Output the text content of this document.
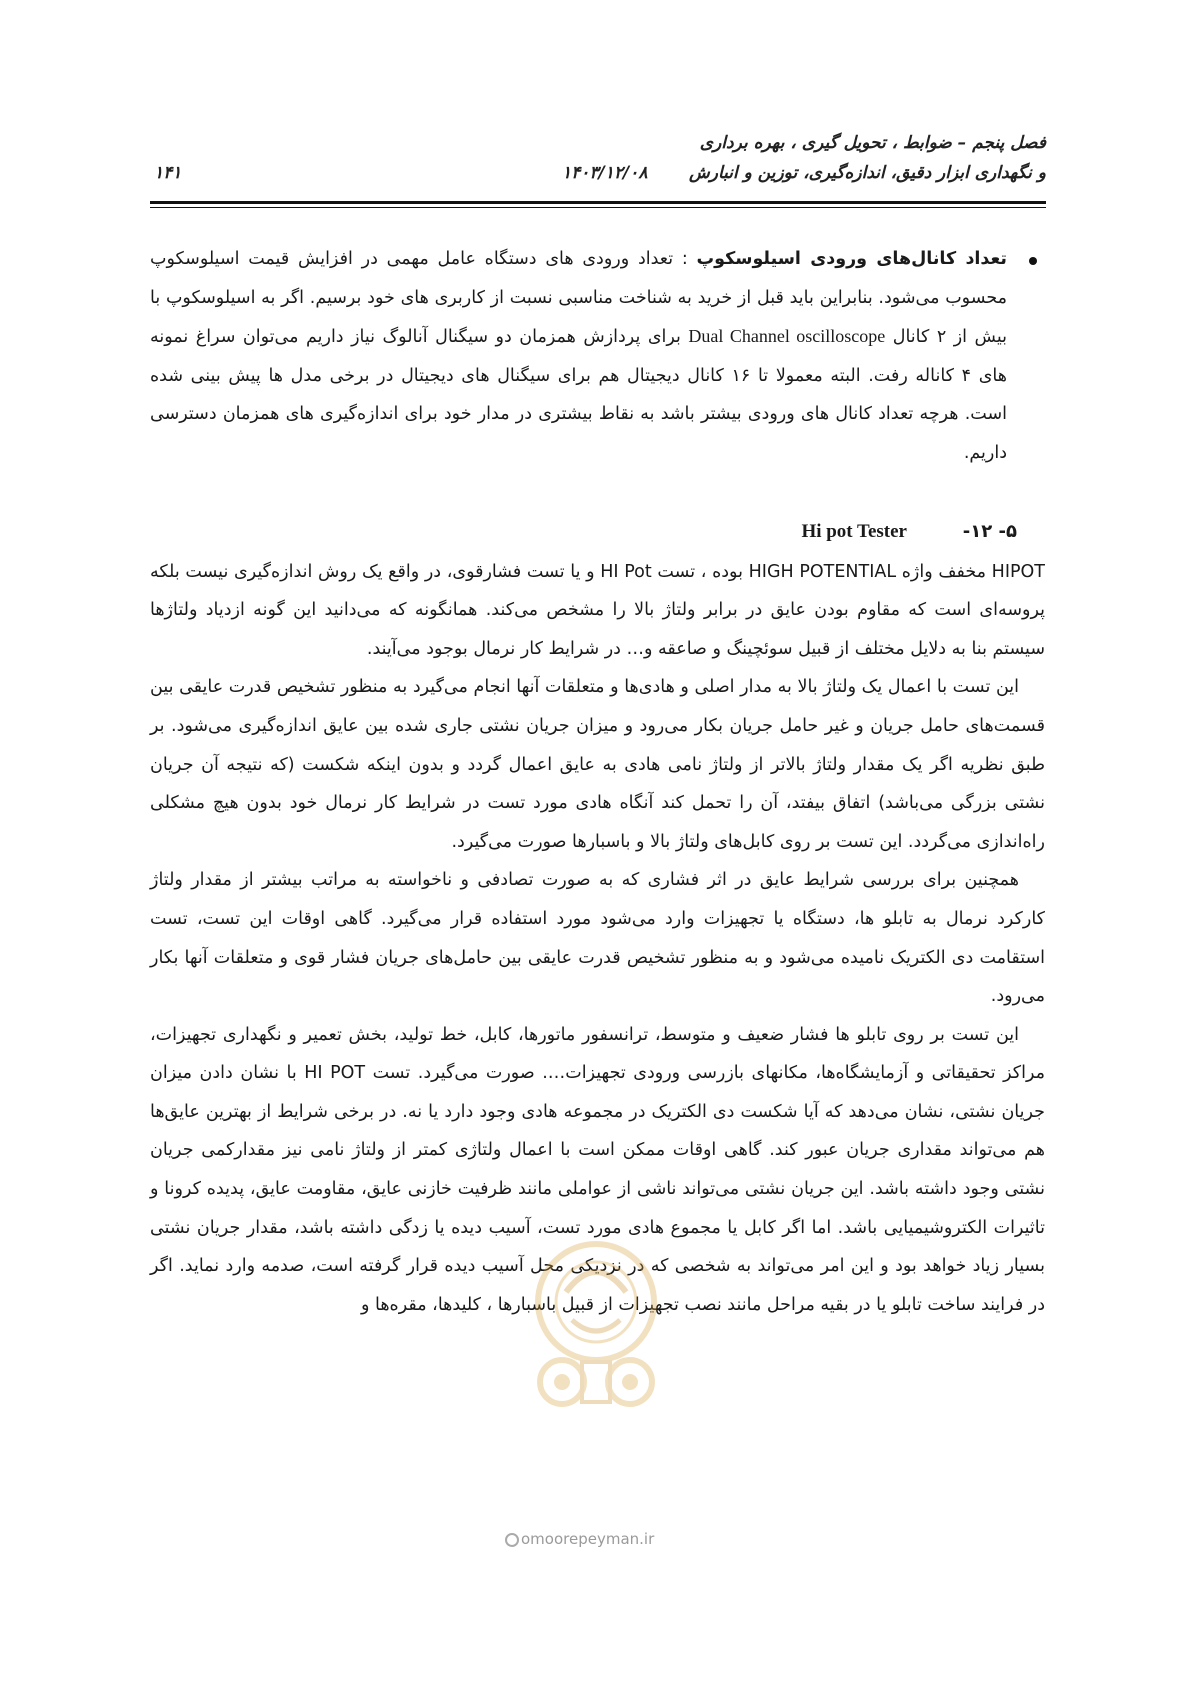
فصل پنجم – ضوابط ، تحویل گیری ، بهره برداری
و نگهداری ابزار دقیق، اندازه‌گیری، توزین و انبارش
۱۴۰۳/۱۲/۰۸
۱۴۱

تعداد کانال‌های ورودی اسیلوسکوپ : تعداد ورودی های دستگاه عامل مهمی در افزایش قیمت اسیلوسکوپ محسوب می‌شود. بنابراین باید قبل از خرید به شناخت مناسبی نسبت از کاربری های خود برسیم. اگر به اسیلوسکوپ با بیش از ۲ کانال Dual Channel oscilloscope برای پردازش همزمان دو سیگنال آنالوگ نیاز داریم می‌توان سراغ نمونه های ۴ کاناله رفت. البته معمولا تا ۱۶ کانال دیجیتال هم برای سیگنال های دیجیتال در برخی مدل ها پیش بینی شده است. هرچه تعداد کانال های ورودی بیشتر باشد به نقاط بیشتری در مدار خود برای اندازه‌گیری های همزمان دسترسی داریم.

۵- ۱۲-
Hi pot Tester

HIPOT مخفف واژه HIGH POTENTIAL بوده ، تست HI Pot و یا تست فشارقوی، در واقع یک روش اندازه‌گیری نیست بلکه پروسه‌ای است که مقاوم بودن عایق در برابر ولتاژ بالا را مشخص می‌کند. همانگونه که می‌دانید این گونه ازدیاد ولتاژها سیستم بنا به دلایل مختلف از قبیل سوئچینگ و صاعقه و… در شرایط کار نرمال بوجود می‌آیند.

این تست با اعمال یک ولتاژ بالا به مدار اصلی و هادی‌ها و متعلقات آنها انجام می‌گیرد به منظور تشخیص قدرت عایقی بین قسمت‌های حامل جریان و غیر حامل جریان بکار می‌رود و میزان جریان نشتی جاری شده بین عایق اندازه‌گیری می‌شود. بر طبق نظریه اگر یک مقدار ولتاژ بالاتر از ولتاژ نامی هادی به عایق اعمال گردد و بدون اینکه شکست (که نتیجه آن جریان نشتی بزرگی می‌باشد) اتفاق بیفتد، آن را تحمل کند آنگاه هادی مورد تست در شرایط کار نرمال خود بدون هیچ مشکلی راه‌اندازی می‌گردد. این تست بر روی کابل‌های ولتاژ بالا و باسبارها صورت می‌گیرد.

همچنین برای بررسی شرایط عایق در اثر فشاری که به صورت تصادفی و ناخواسته به مراتب بیشتر از مقدار ولتاژ کارکرد نرمال به تابلو ها، دستگاه یا تجهیزات وارد می‌شود مورد استفاده قرار می‌گیرد. گاهی اوقات این تست، تست استقامت دی الکتریک نامیده می‌شود و به منظور تشخیص قدرت عایقی بین حامل‌های جریان فشار قوی و متعلقات آنها بکار می‌رود.

این تست بر روی تابلو ها فشار ضعیف و متوسط، ترانسفور ماتورها، کابل، خط تولید، بخش تعمیر و نگهداری تجهیزات، مراکز تحقیقاتی و آزمایشگاه‌ها، مکانهای بازرسی ورودی تجهیزات…. صورت می‌گیرد. تست HI POT با نشان دادن میزان جریان نشتی، نشان می‌دهد که آیا شکست دی الکتریک در مجموعه هادی وجود دارد یا نه. در برخی شرایط از بهترین عایق‌ها هم می‌تواند مقداری جریان عبور کند. گاهی اوقات ممکن است با اعمال ولتاژی کمتر از ولتاژ نامی نیز مقدارکمی جریان نشتی وجود داشته باشد. این جریان نشتی می‌تواند ناشی از عواملی مانند ظرفیت خازنی عایق، مقاومت عایق، پدیده کرونا و تاثیرات الکتروشیمیایی باشد. اما اگر کابل یا مجموع هادی مورد تست، آسیب دیده یا زدگی داشته باشد، مقدار جریان نشتی بسیار زیاد خواهد بود و این امر می‌تواند به شخصی که در نزدیکی محل آسیب دیده قرار گرفته است، صدمه وارد نماید. اگر در فرایند ساخت تابلو یا در بقیه مراحل مانند نصب تجهیزات از قبیل باسبارها ، کلیدها، مقره‌ها و

omoorepeyman.ir
